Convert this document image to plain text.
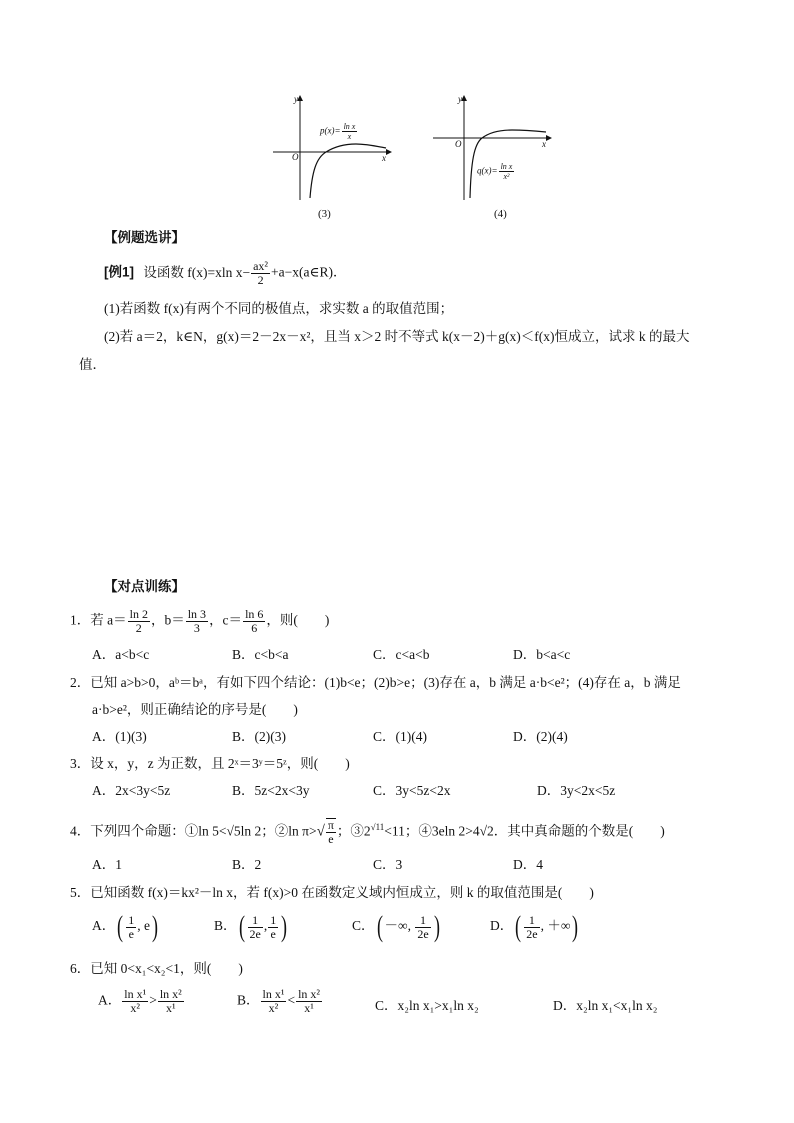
O	x
y
$p(x)= \frac{\text{ln x}}{x}$
(3)
O	x
y
$q(x)= \frac{\text{ln x}}{\text{x²}}$
(4)
【例题选讲】
[例1] 设函数 f(x)=xln $x- \frac{\text{ax²}}{2}$ +a−x(a∈R)．
(1)若函数 f(x)有两个不同的极值点，求实数 a 的取值范围；
(2)若 a＝2，k∈N，g(x)＝2－2x－x²，且当 x＞2 时不等式 k(x－2)＋g(x)＜f(x)恒成立，试求 k 的最大
值．
【对点训练】
1．若 $a= \frac{\ln 2}{2}$ ，$b= \frac{\ln 3}{3}$ ，$c= \frac{\ln 6}{6}$ ，则(　　)
A．a<b<c	B．c<b<a	C．c<a<b	D．b<a<c
2．已知 a>b>0，aᵇ＝bᵃ，有如下四个结论：(1)b<e；(2)b>e；(3)存在 a，b 满足 a·b<e²；(4)存在 a，b 满足
a·b>e²，则正确结论的序号是(　　)
A．(1)(3)	B．(2)(3)	C．(1)(4)	D．(2)(4)
3．设 x，y，z 为正数，且 2ˣ＝3ʸ＝5ᶻ，则(　　)
A．2x<3y<5z	B．5z<2x<3y	C．3y<5z<2x	D．3y<2x<5z
4．下列四个命题：①ln 5<√5ln 2；②ln $\pi>√ \frac{\pi}{e}$ ；$③2^{√11}<11$；④3eln 2>4√2．其中真命题的个数是(　　)
A．1	B．2	C．3	D．4
5．已知函数 f(x)＝kx²－ln x，若 f(x)>0 在函数定义域内恒成立，则 k 的取值范围是(　　)
A．( $\frac{1}{e}$ , e)	B．( $\frac{1}{2e}$ , $\frac{1}{e}$ )	C．( －∞, $\frac{1}{2e}$ )	D．( $\frac{1}{2e}$ , ＋∞)
6．已知 0<x₁<x₂<1，则(　　)
A． $\frac{\text{ln x¹}}{\text{x²}} > \frac{\text{ln x²}}{\text{x¹}}$	B． $\frac{\text{ln x¹}}{\text{x²}} < \frac{\text{ln x²}}{\text{x¹}}$	C．x₂ln x₁>x₁ln x₂	D．x₂ln x₁<x₁ln x₂
